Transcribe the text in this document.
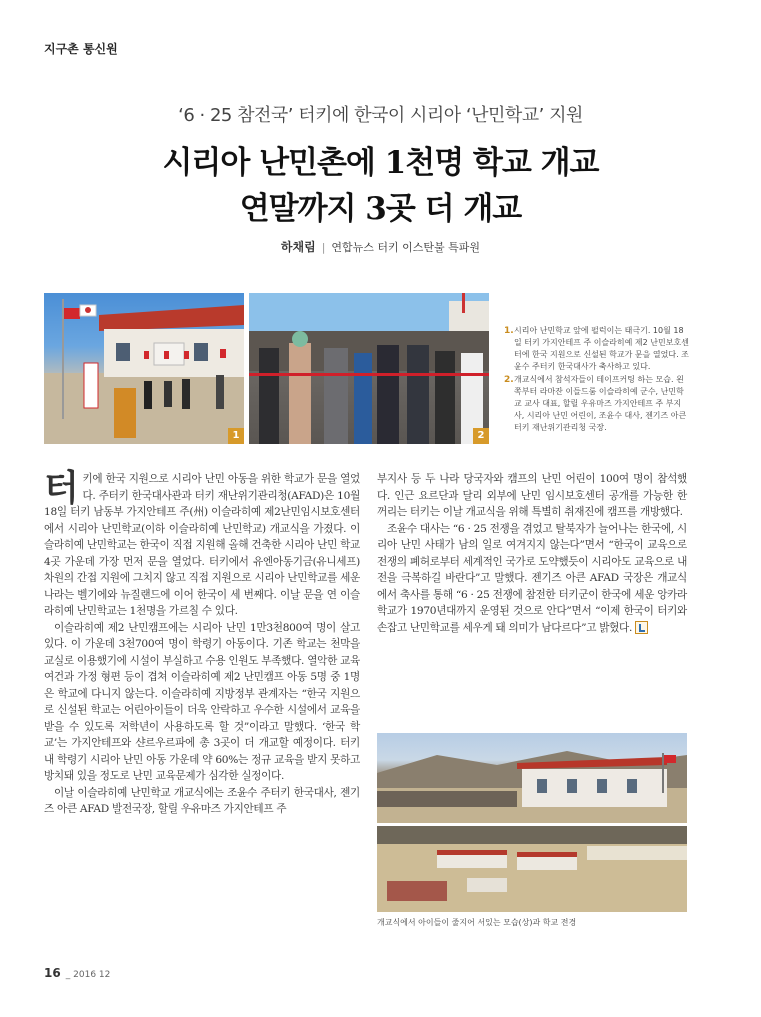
지구촌 통신원
‘6 · 25 참전국’ 터키에 한국이 시리아 ‘난민학교’ 지원
시리아 난민촌에 1천명 학교 개교
연말까지 3곳 더 개교
하채림 | 연합뉴스 터키 이스탄불 특파원
1	2
1. 시리아 난민학교 앞에 펄럭이는 태극기. 10월 18일 터키 가지안테프 주 이슬라히예 제2 난민보호센터에 한국 지원으로 신설된 학교가 문을 열었다. 조윤수 주터키 한국대사가 축사하고 있다.
2. 개교식에서 참석자들이 테이프커팅 하는 모습. 왼쪽부터 라마잔 이들드룸 이슬라히예 군수, 난민학교 교사 대표, 할릴 우유마즈 가지안테프 주 부지사, 시리아 난민 어린이, 조윤수 대사, 젠기즈 아큰 터키 재난위기관리청 국장.

터키에 한국 지원으로 시리아 난민 아동을 위한 학교가 문을 열었다. 주터키 한국대사관과 터키 재난위기관리청(AFAD)은 10월 18일 터키 남동부 가지안테프 주(州) 이슬라히예 제2난민임시보호센터에서 시리아 난민학교(이하 이슬라히예 난민학교) 개교식을 가졌다. 이슬라히예 난민학교는 한국이 직접 지원해 올해 건축한 시리아 난민 학교 4곳 가운데 가장 먼저 문을 열었다. 터키에서 유엔아동기금(유니세프) 차원의 간접 지원에 그치지 않고 직접 지원으로 시리아 난민학교를 세운 나라는 벨기에와 뉴질랜드에 이어 한국이 세 번째다. 이날 문을 연 이슬라히예 난민학교는 1천명을 가르칠 수 있다.

이슬라히예 제2 난민캠프에는 시리아 난민 1만3천800여 명이 살고 있다. 이 가운데 3천700여 명이 학령기 아동이다. 기존 학교는 천막을 교실로 이용했기에 시설이 부실하고 수용 인원도 부족했다. 열악한 교육 여건과 가정 형편 등이 겹쳐 이슬라히예 제2 난민캠프 아동 5명 중 1명은 학교에 다니지 않는다. 이슬라히예 지방정부 관계자는 “한국 지원으로 신설된 학교는 어린아이들이 더욱 안락하고 우수한 시설에서 교육을 받을 수 있도록 저학년이 사용하도록 할 것”이라고 말했다. ‘한국 학교’는 가지안테프와 샨르우르파에 총 3곳이 더 개교할 예정이다. 터키 내 학령기 시리아 난민 아동 가운데 약 60%는 정규 교육을 받지 못하고 방치돼 있을 정도로 난민 교육문제가 심각한 실정이다.

이날 이슬라히예 난민학교 개교식에는 조윤수 주터키 한국대사, 젠기즈 아큰 AFAD 발전국장, 할릴 우유마즈 가지안테프 주

부지사 등 두 나라 당국자와 캠프의 난민 어린이 100여 명이 참석했다. 인근 요르단과 달리 외부에 난민 임시보호센터 공개를 가능한 한 꺼리는 터키는 이날 개교식을 위해 특별히 취재진에 캠프를 개방했다.

조윤수 대사는 “6 · 25 전쟁을 겪었고 탈북자가 늘어나는 한국에, 시리아 난민 사태가 남의 일로 여겨지지 않는다”면서 “한국이 교육으로 전쟁의 폐허로부터 세계적인 국가로 도약했듯이 시리아도 교육으로 내전을 극복하길 바란다”고 말했다. 젠기즈 아큰 AFAD 국장은 개교식에서 축사를 통해 “6 · 25 전쟁에 참전한 터키군이 한국에 세운 앙카라학교가 1970년대까지 운영된 것으로 안다”면서 “이제 한국이 터키와 손잡고 난민학교를 세우게 돼 의미가 남다르다”고 밝혔다.

개교식에서 아이들이 줄지어 서있는 모습(상)과 학교 전경
16 _ 2016 12
